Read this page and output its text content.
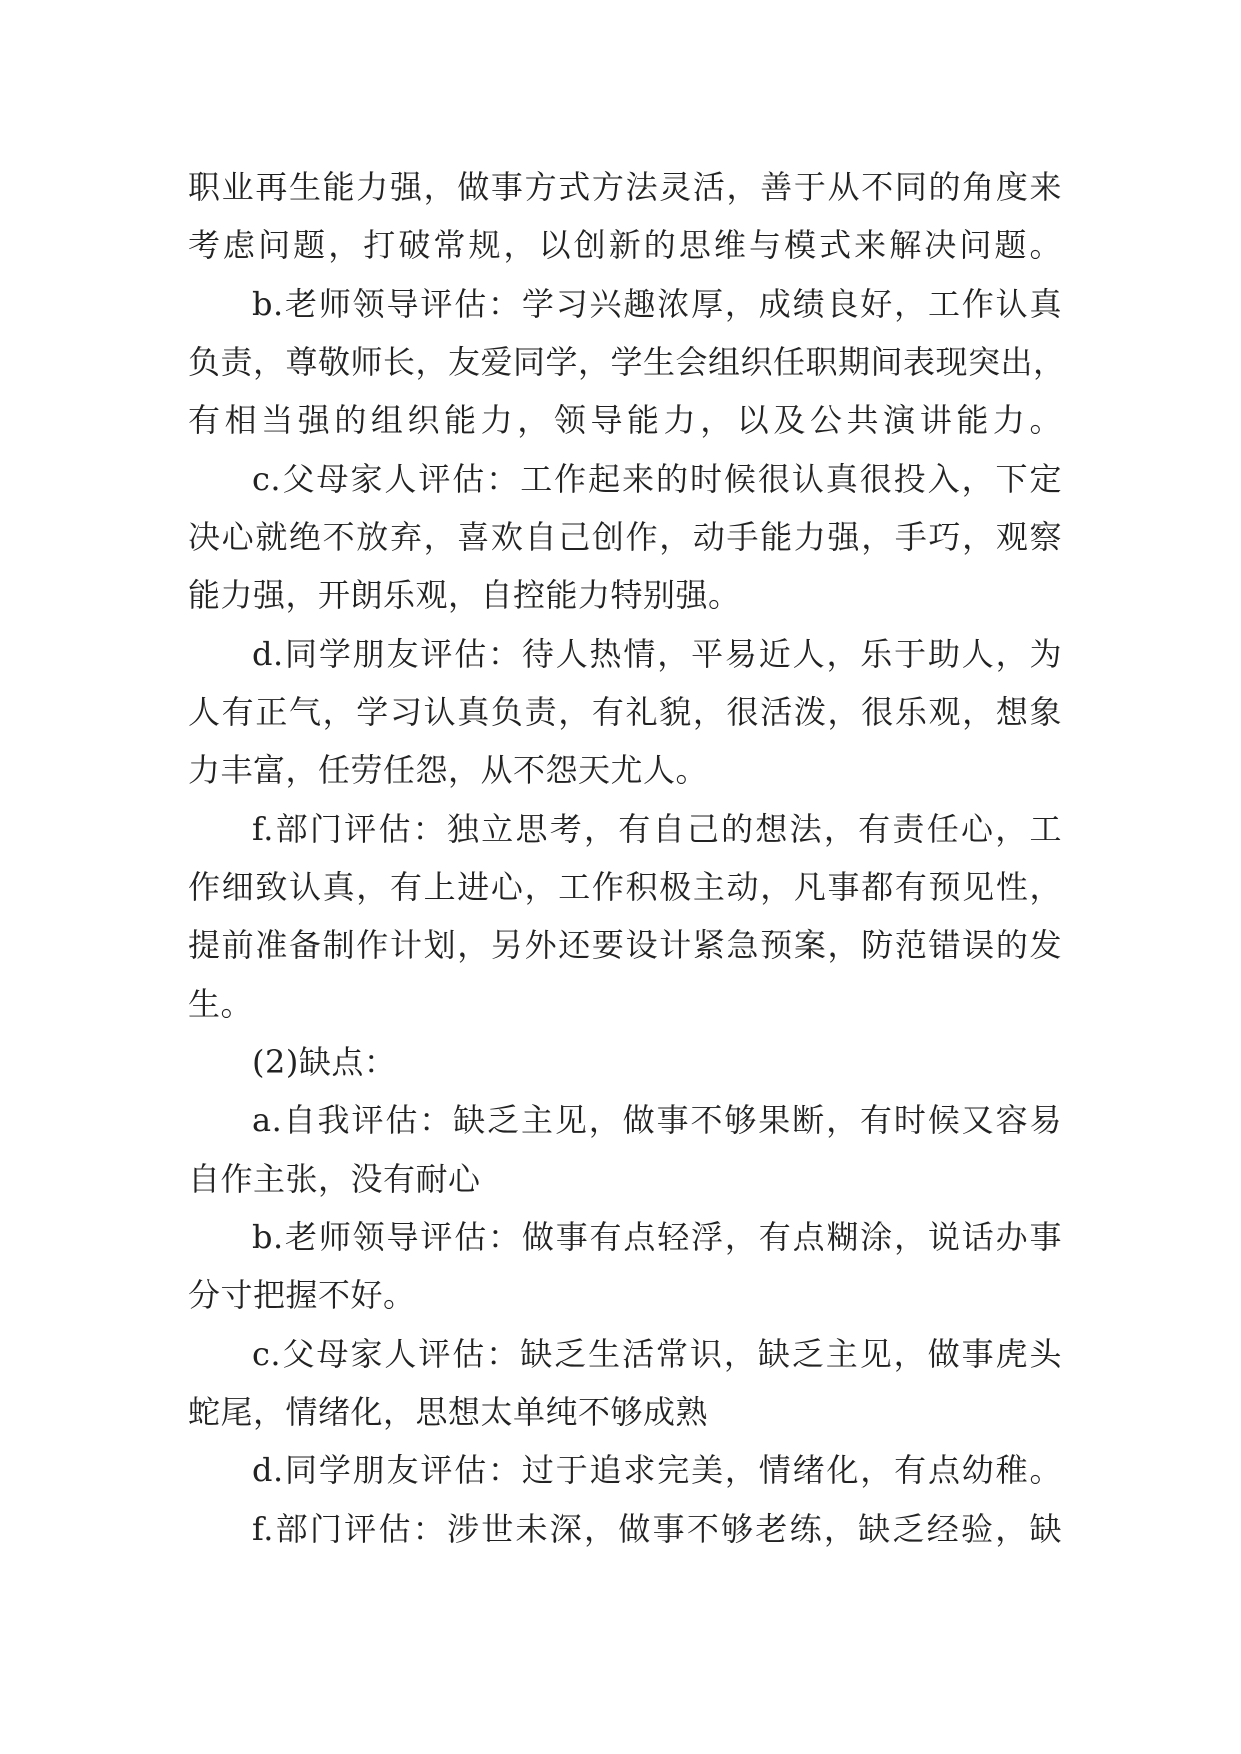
职业再生能力强，做事方式方法灵活，善于从不同的角度来
考虑问题，打破常规，以创新的思维与模式来解决问题。
b.老师领导评估：学习兴趣浓厚，成绩良好，工作认真
负责，尊敬师长，友爱同学，学生会组织任职期间表现突出，
有相当强的组织能力，领导能力，以及公共演讲能力。
c.父母家人评估：工作起来的时候很认真很投入，下定
决心就绝不放弃，喜欢自己创作，动手能力强，手巧，观察
能力强，开朗乐观，自控能力特别强。
d.同学朋友评估：待人热情，平易近人，乐于助人，为
人有正气，学习认真负责，有礼貌，很活泼，很乐观，想象
力丰富，任劳任怨，从不怨天尤人。
f.部门评估：独立思考，有自己的想法，有责任心，工
作细致认真，有上进心，工作积极主动，凡事都有预见性，
提前准备制作计划，另外还要设计紧急预案，防范错误的发
生。
(2)缺点：
a.自我评估：缺乏主见，做事不够果断，有时候又容易
自作主张，没有耐心
b.老师领导评估：做事有点轻浮，有点糊涂，说话办事
分寸把握不好。
c.父母家人评估：缺乏生活常识，缺乏主见，做事虎头
蛇尾，情绪化，思想太单纯不够成熟
d.同学朋友评估：过于追求完美，情绪化，有点幼稚。
f.部门评估：涉世未深，做事不够老练，缺乏经验，缺
